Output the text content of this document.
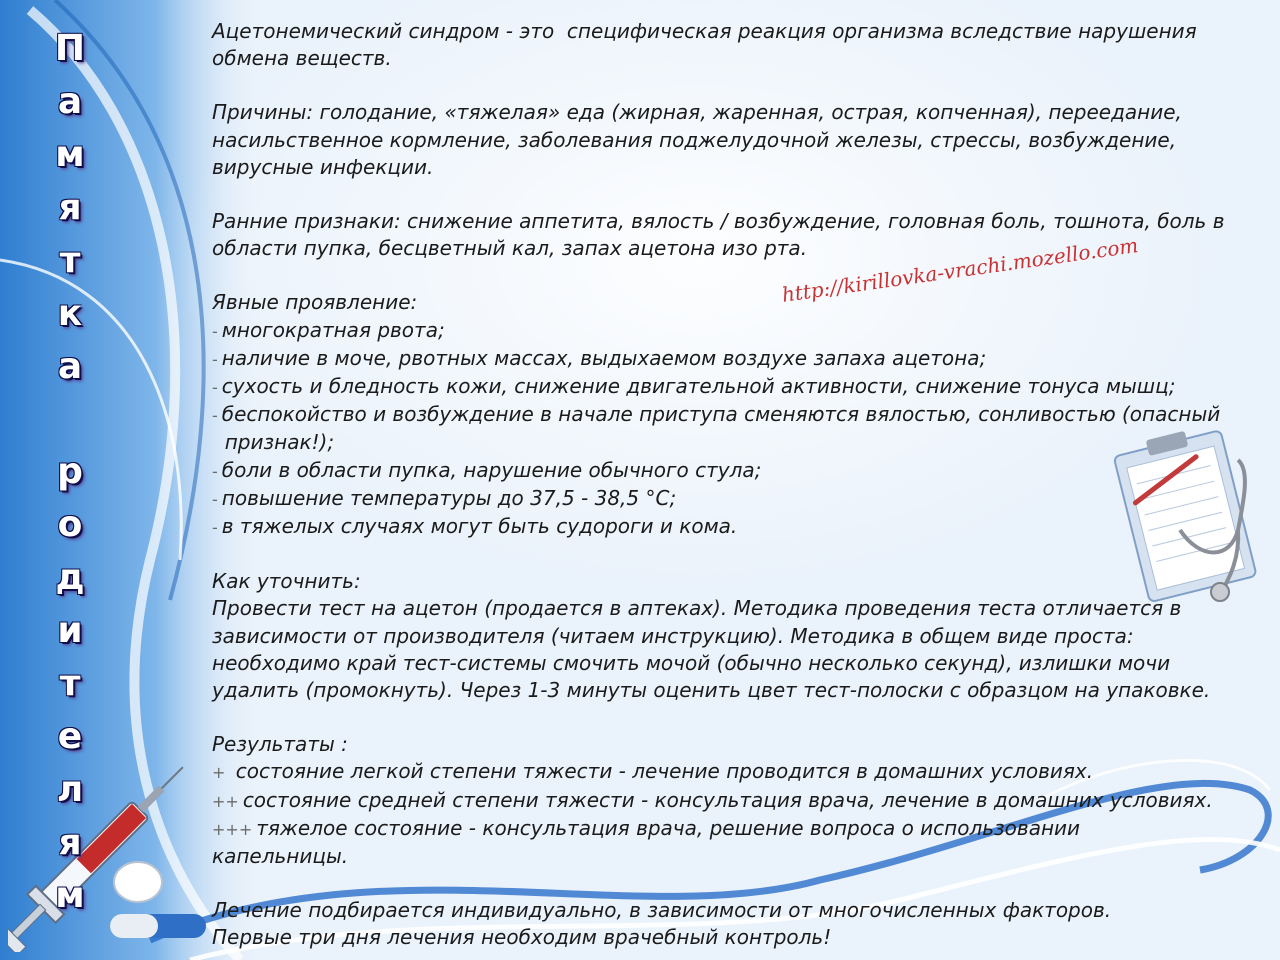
П
а
м
я
т
к
а
р
о
д
и
т
е
л
я
м
http://kirillovka-vrachi.mozello.com

Ацетонемический синдром - это  специфическая реакция организма вследствие нарушения
обмена веществ.

Причины: голодание, «тяжелая» еда (жирная, жаренная, острая, копченная), переедание,
насильственное кормление, заболевания поджелудочной железы, стрессы, возбуждение,
вирусные инфекции.

Ранние признаки: снижение аппетита, вялость / возбуждение, головная боль, тошнота, боль в
области пупка, бесцветный кал, запах ацетона изо рта.

Явные проявление:

- многократная рвота;

- наличие в моче, рвотных массах, выдыхаемом воздухе запаха ацетона;

- сухость и бледность кожи, снижение двигательной активности, снижение тонуса мышц;

- беспокойство и возбуждение в начале приступа сменяются вялостью, сонливостью (опасный
признак!);

- боли в области пупка, нарушение обычного стула;

- повышение температуры до 37,5 - 38,5 °С;

- в тяжелых случаях могут быть судороги и кома.

Как уточнить:

Провести тест на ацетон (продается в аптеках). Методика проведения теста отличается в
зависимости от производителя (читаем инструкцию). Методика в общем виде проста:
необходимо край тест-системы смочить мочой (обычно несколько секунд), излишки мочи
удалить (промокнуть). Через 1-3 минуты оценить цвет тест-полоски с образцом на упаковке.

Результаты :

+ состояние легкой степени тяжести - лечение проводится в домашних условиях.

++ состояние средней степени тяжести - консультация врача, лечение в домашних условиях.

+++ тяжелое состояние - консультация врача, решение вопроса о использовании
капельницы.

Лечение подбирается индивидуально, в зависимости от многочисленных факторов.
Первые три дня лечения необходим врачебный контроль!
